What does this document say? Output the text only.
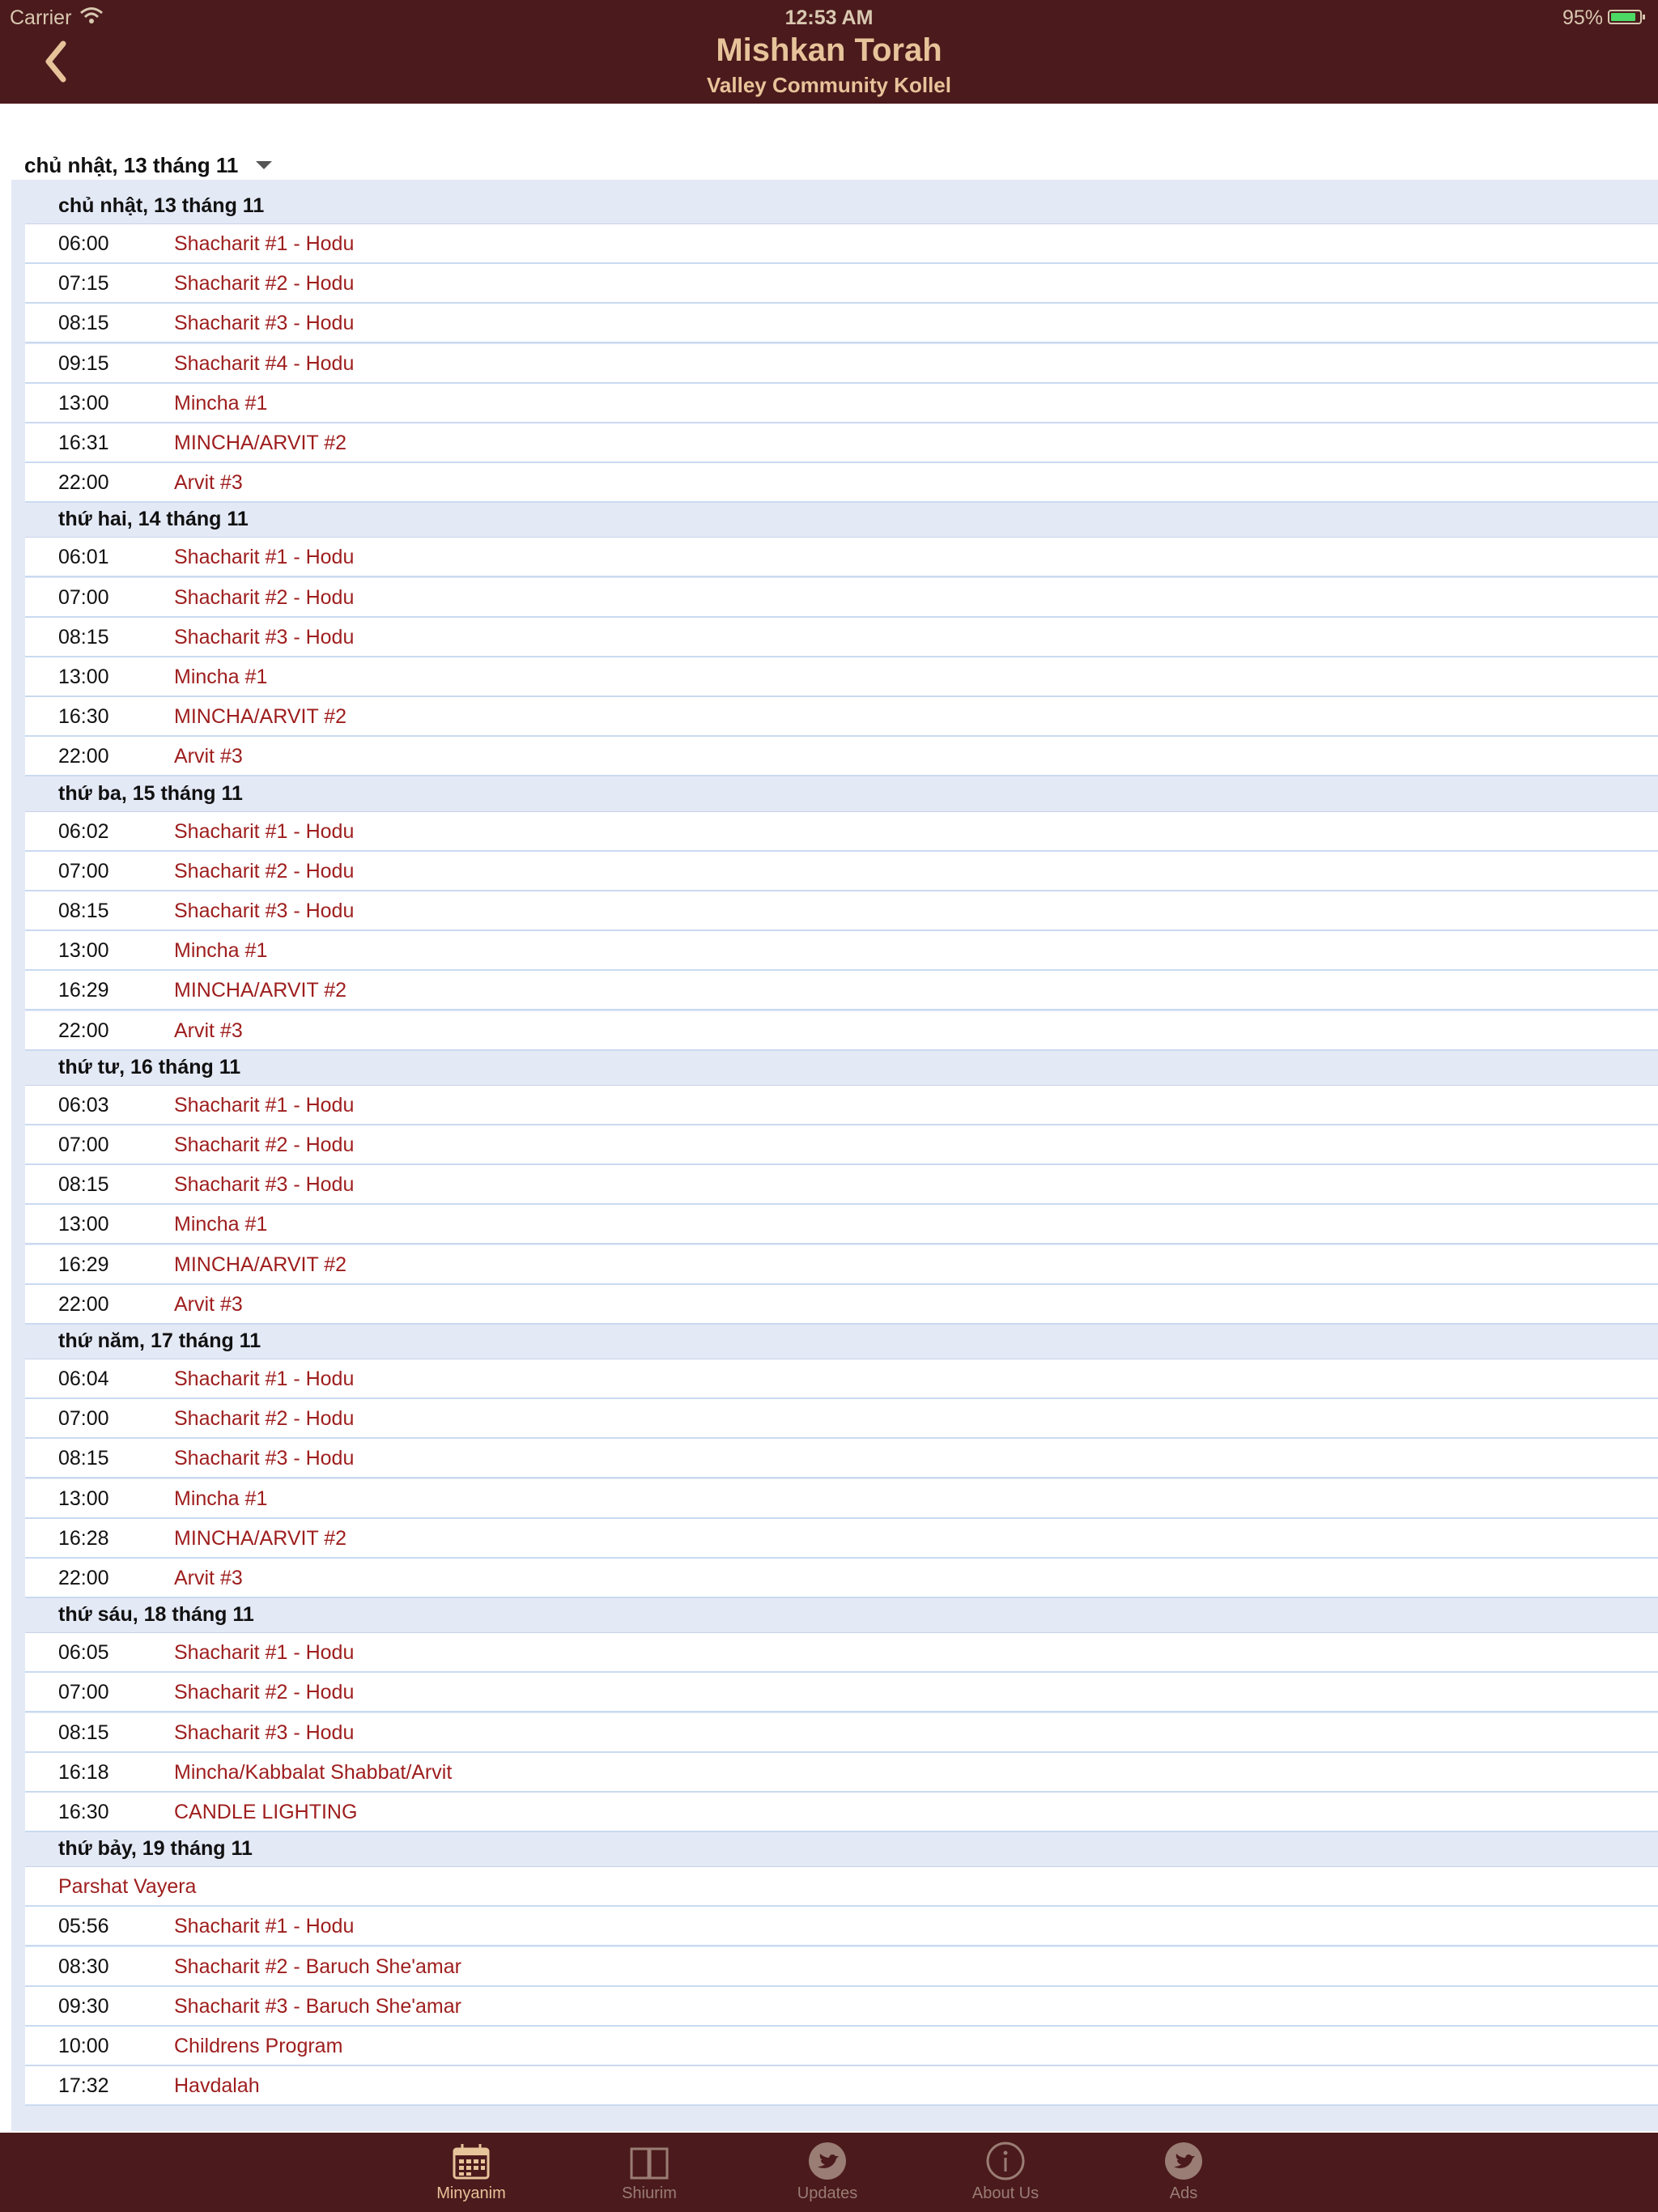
Carrier	12:53 AM	95%
Mishkan Torah
Valley Community Kollel
chủ nhật, 13 tháng 11
chủ nhật, 13 tháng 11
06:00	Shacharit #1 - Hodu
07:15	Shacharit #2 - Hodu
08:15	Shacharit #3 - Hodu
09:15	Shacharit #4 - Hodu
13:00	Mincha #1
16:31	MINCHA/ARVIT #2
22:00	Arvit #3
thứ hai, 14 tháng 11
06:01	Shacharit #1 - Hodu
07:00	Shacharit #2 - Hodu
08:15	Shacharit #3 - Hodu
13:00	Mincha #1
16:30	MINCHA/ARVIT #2
22:00	Arvit #3
thứ ba, 15 tháng 11
06:02	Shacharit #1 - Hodu
07:00	Shacharit #2 - Hodu
08:15	Shacharit #3 - Hodu
13:00	Mincha #1
16:29	MINCHA/ARVIT #2
22:00	Arvit #3
thứ tư, 16 tháng 11
06:03	Shacharit #1 - Hodu
07:00	Shacharit #2 - Hodu
08:15	Shacharit #3 - Hodu
13:00	Mincha #1
16:29	MINCHA/ARVIT #2
22:00	Arvit #3
thứ năm, 17 tháng 11
06:04	Shacharit #1 - Hodu
07:00	Shacharit #2 - Hodu
08:15	Shacharit #3 - Hodu
13:00	Mincha #1
16:28	MINCHA/ARVIT #2
22:00	Arvit #3
thứ sáu, 18 tháng 11
06:05	Shacharit #1 - Hodu
07:00	Shacharit #2 - Hodu
08:15	Shacharit #3 - Hodu
16:18	Mincha/Kabbalat Shabbat/Arvit
16:30	CANDLE LIGHTING
thứ bảy, 19 tháng 11
Parshat Vayera
05:56	Shacharit #1 - Hodu
08:30	Shacharit #2 - Baruch She'amar
09:30	Shacharit #3 - Baruch She'amar
10:00	Childrens Program
17:32	Havdalah
Minyanim	Shiurim	Updates	About Us	Ads
